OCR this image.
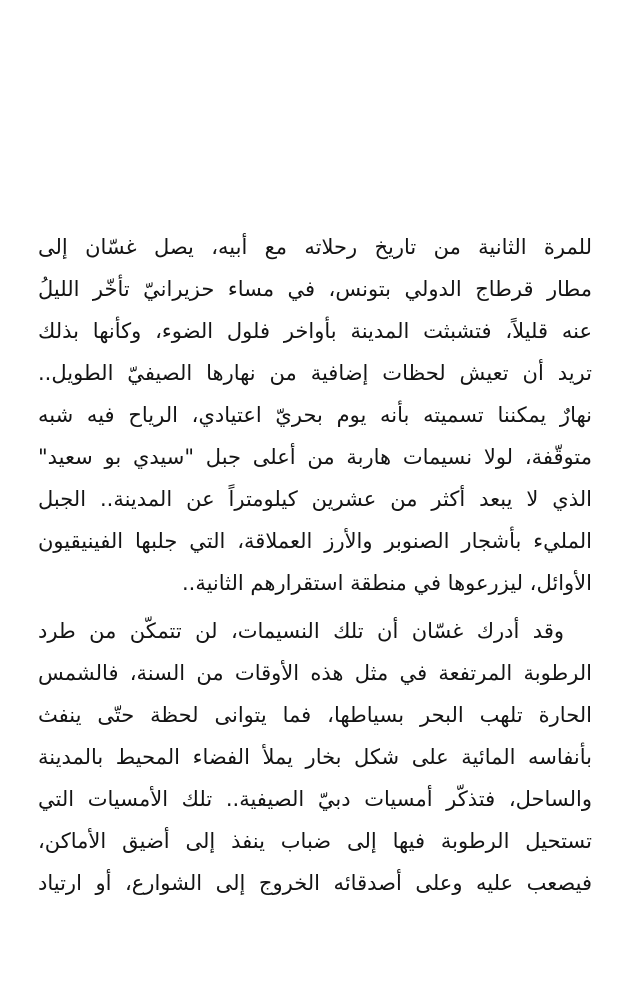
للمرة الثانية من تاريخ رحلاته مع أبيه، يصل غسّان إلى
مطار قرطاج الدولي بتونس، في مساء حزيرانيّ تأخّر الليلُ
عنه قليلاً، فتشبثت المدينة بأواخر فلول الضوء، وكأنها بذلك
تريد أن تعيش لحظات إضافية من نهارها الصيفيّ الطويل..
نهارٌ يمكننا تسميته بأنه يوم بحريّ اعتيادي، الرياح فيه شبه
متوقّفة، لولا نسيمات هاربة من أعلى جبل "سيدي بو سعيد"
الذي لا يبعد أكثر من عشرين كيلومتراً عن المدينة.. الجبل
المليء بأشجار الصنوبر والأرز العملاقة، التي جلبها الفينيقيون
الأوائل، ليزرعوها في منطقة استقرارهم الثانية..
وقد أدرك غسّان أن تلك النسيمات، لن تتمكّن من طرد
الرطوبة المرتفعة في مثل هذه الأوقات من السنة، فالشمس
الحارة تلهب البحر بسياطها، فما يتوانى لحظة حتّى ينفث
بأنفاسه المائية على شكل بخار يملأ الفضاء المحيط بالمدينة
والساحل، فتذكّر أمسيات دبيّ الصيفية.. تلك الأمسيات التي
تستحيل الرطوبة فيها إلى ضباب ينفذ إلى أضيق الأماكن،
فيصعب عليه وعلى أصدقائه الخروج إلى الشوارع، أو ارتياد
